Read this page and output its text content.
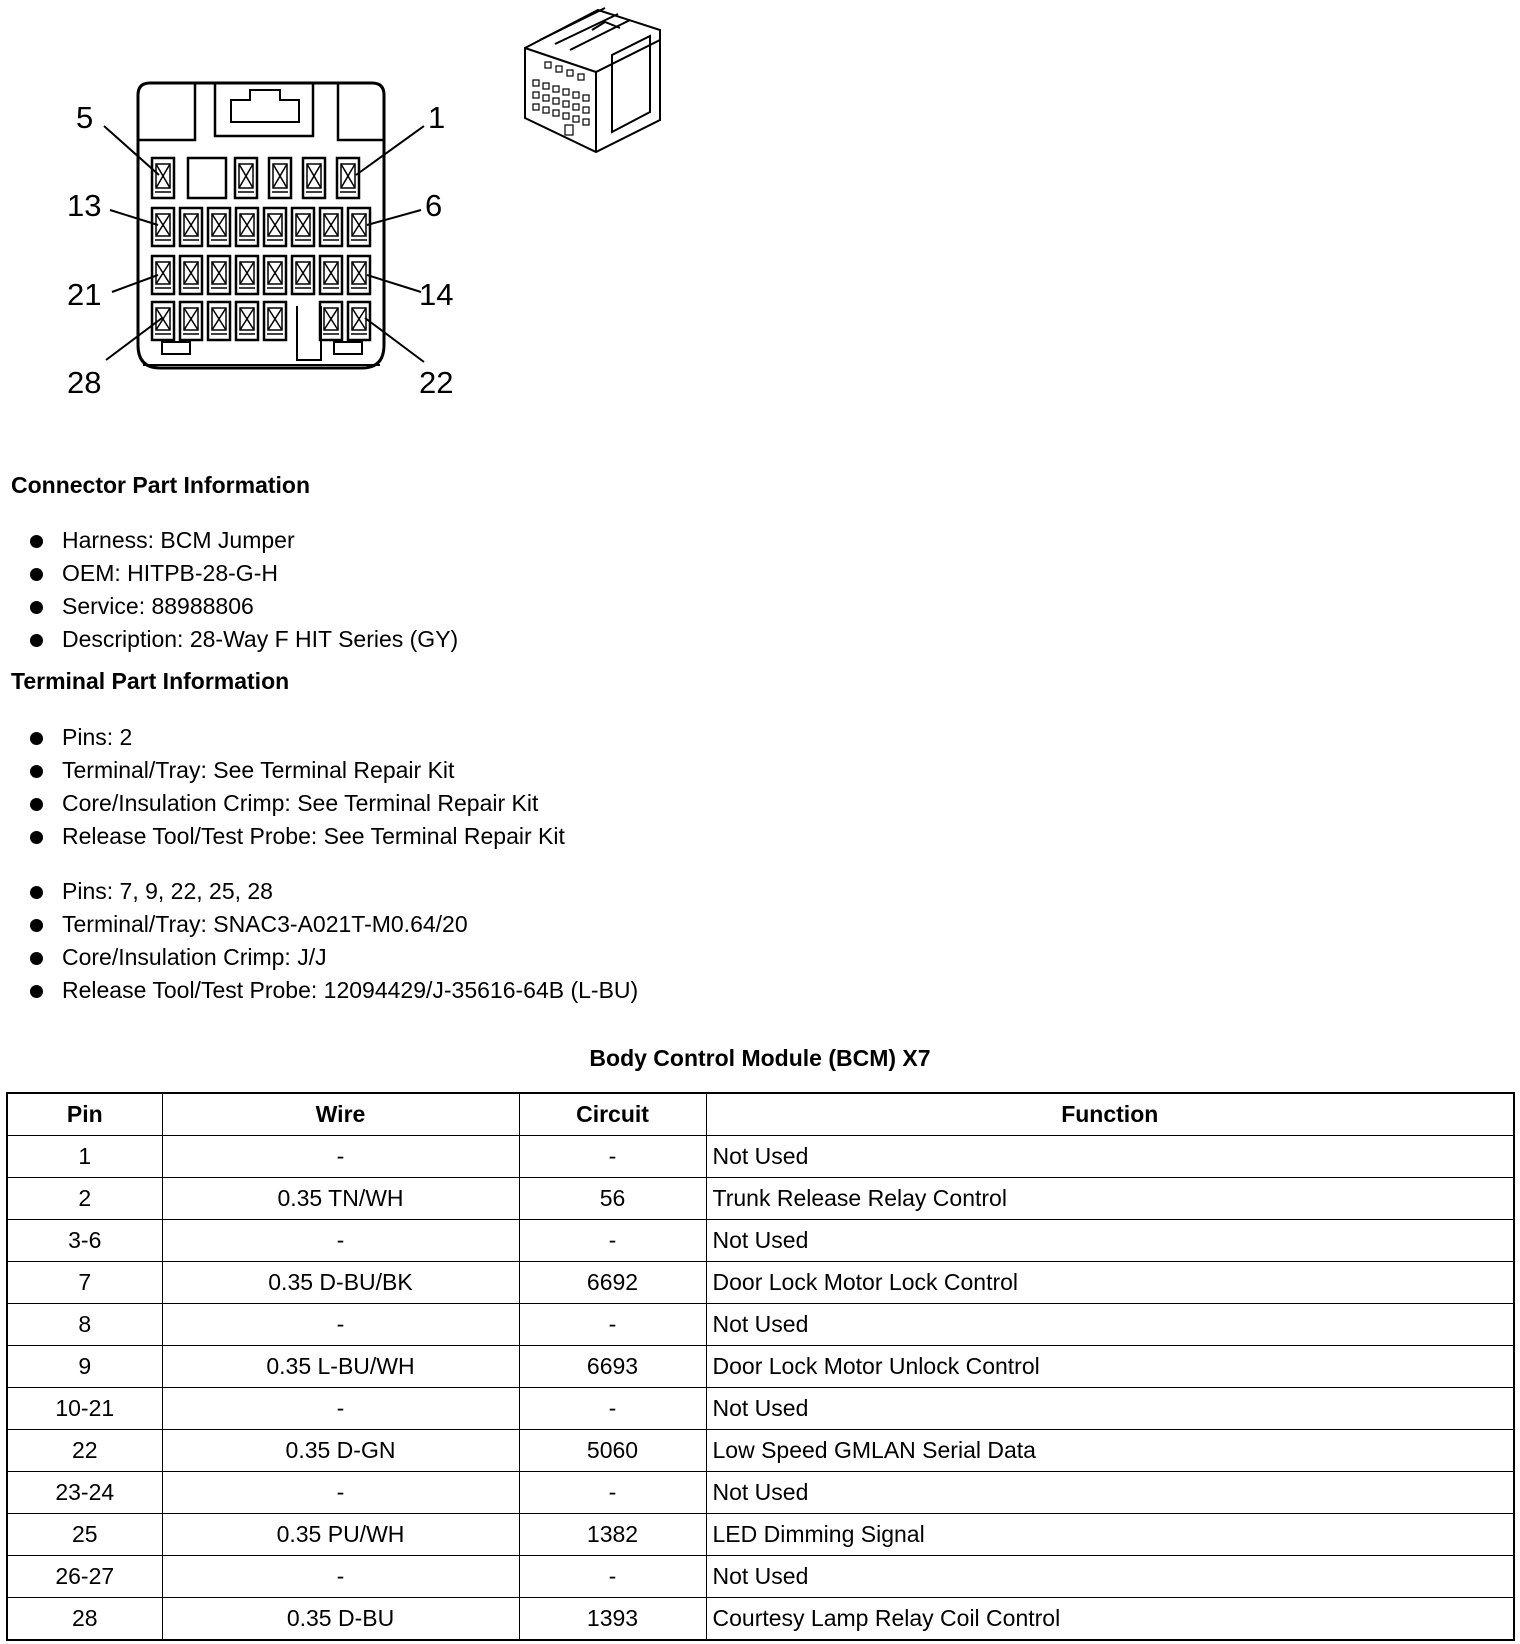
5	1
13	6
21	14
28	22
Connector Part Information
Harness: BCM Jumper
OEM: HITPB-28-G-H
Service: 88988806
Description: 28-Way F HIT Series (GY)
Terminal Part Information
Pins: 2
Terminal/Tray: See Terminal Repair Kit
Core/Insulation Crimp: See Terminal Repair Kit
Release Tool/Test Probe: See Terminal Repair Kit
Pins: 7, 9, 22, 25, 28
Terminal/Tray: SNAC3-A021T-M0.64/20
Core/Insulation Crimp: J/J
Release Tool/Test Probe: 12094429/J-35616-64B (L-BU)
Body Control Module (BCM) X7
Pin	Wire	Circuit	Function
1	-	-	Not Used
2	0.35 TN/WH	56	Trunk Release Relay Control
3-6	-	-	Not Used
7	0.35 D-BU/BK	6692	Door Lock Motor Lock Control
8	-	-	Not Used
9	0.35 L-BU/WH	6693	Door Lock Motor Unlock Control
10-21	-	-	Not Used
22	0.35 D-GN	5060	Low Speed GMLAN Serial Data
23-24	-	-	Not Used
25	0.35 PU/WH	1382	LED Dimming Signal
26-27	-	-	Not Used
28	0.35 D-BU	1393	Courtesy Lamp Relay Coil Control
